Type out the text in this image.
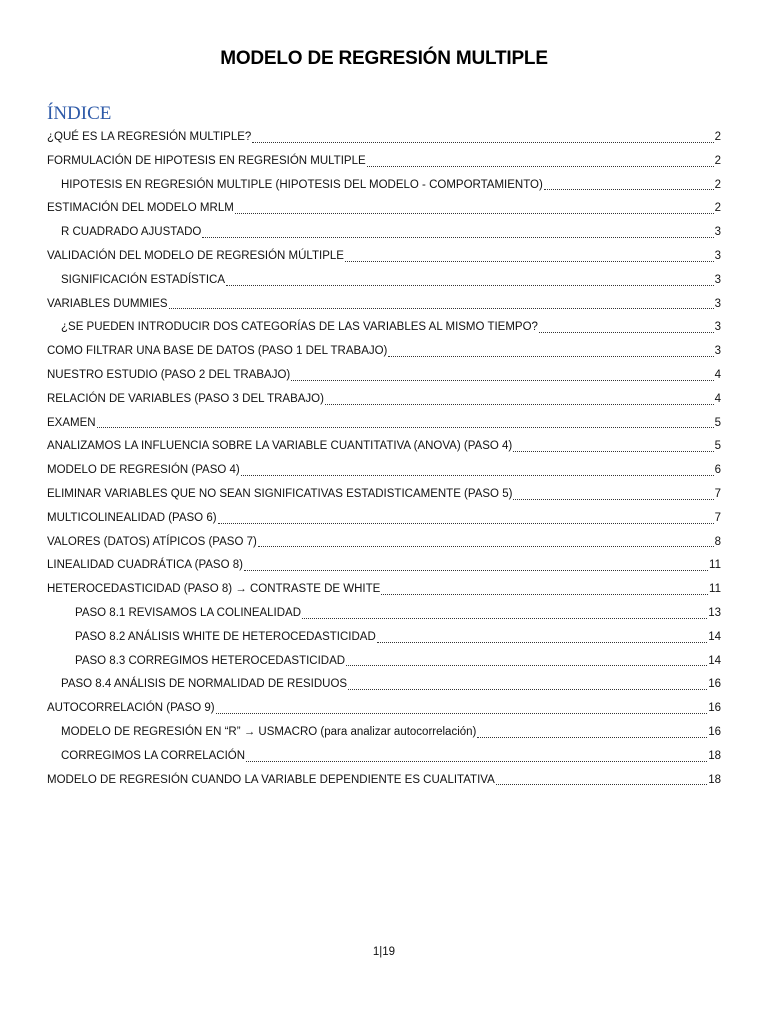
MODELO DE REGRESIÓN MULTIPLE
ÍNDICE
¿QUÉ ES LA REGRESIÓN MULTIPLE?	2
FORMULACIÓN DE HIPOTESIS EN REGRESIÓN MULTIPLE	2
HIPOTESIS EN REGRESIÓN MULTIPLE (HIPOTESIS DEL MODELO - COMPORTAMIENTO)	2
ESTIMACIÓN DEL MODELO MRLM	2
R CUADRADO AJUSTADO	3
VALIDACIÓN DEL MODELO DE REGRESIÓN MÚLTIPLE	3
SIGNIFICACIÓN ESTADÍSTICA	3
VARIABLES DUMMIES	3
¿SE PUEDEN INTRODUCIR DOS CATEGORÍAS DE LAS VARIABLES AL MISMO TIEMPO?	3
COMO FILTRAR UNA BASE DE DATOS (PASO 1 DEL TRABAJO)	3
NUESTRO ESTUDIO (PASO 2 DEL TRABAJO)	4
RELACIÓN DE VARIABLES (PASO 3 DEL TRABAJO)	4
EXAMEN	5
ANALIZAMOS LA INFLUENCIA SOBRE LA VARIABLE CUANTITATIVA (ANOVA) (PASO 4)	5
MODELO DE REGRESIÓN (PASO 4)	6
ELIMINAR VARIABLES QUE NO SEAN SIGNIFICATIVAS ESTADISTICAMENTE (PASO 5)	7
MULTICOLINEALIDAD (PASO 6)	7
VALORES (DATOS) ATÍPICOS (PASO 7)	8
LINEALIDAD CUADRÁTICA (PASO 8)	11
HETEROCEDASTICIDAD (PASO 8) → CONTRASTE DE WHITE	11
PASO 8.1 REVISAMOS LA COLINEALIDAD	13
PASO 8.2 ANÁLISIS WHITE DE HETEROCEDASTICIDAD	14
PASO 8.3 CORREGIMOS HETEROCEDASTICIDAD	14
PASO 8.4 ANÁLISIS DE NORMALIDAD DE RESIDUOS	16
AUTOCORRELACIÓN (PASO 9)	16
MODELO DE REGRESIÓN EN “R” → USMACRO (para analizar autocorrelación)	16
CORREGIMOS LA CORRELACIÓN	18
MODELO DE REGRESIÓN CUANDO LA VARIABLE DEPENDIENTE ES CUALITATIVA	18
1|19
